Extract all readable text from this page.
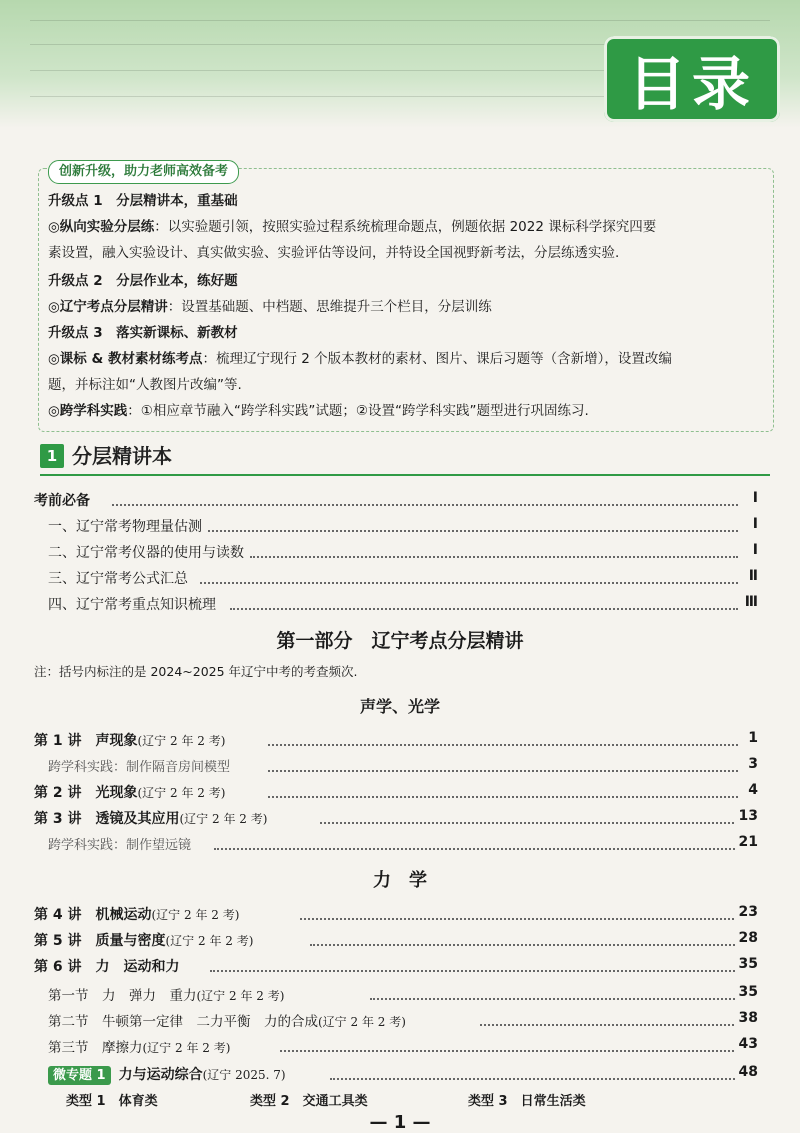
目录
创新升级，助力老师高效备考
升级点 1　分层精讲本，重基础
◎纵向实验分层练：以实验题引领，按照实验过程系统梳理命题点，例题依据 2022 课标科学探究四要
素设置，融入实验设计、真实做实验、实验评估等设问，并特设全国视野新考法，分层练透实验.
升级点 2　分层作业本，练好题
◎辽宁考点分层精讲：设置基础题、中档题、思维提升三个栏目，分层训练
升级点 3　落实新课标、新教材
◎课标 & 教材素材练考点：梳理辽宁现行 2 个版本教材的素材、图片、课后习题等（含新增），设置改编
题，并标注如“人教图片改编”等.
◎跨学科实践：①相应章节融入“跨学科实践”试题；②设置“跨学科实践”题型进行巩固练习.
1 分层精讲本
考前必备	Ⅰ
一、辽宁常考物理量估测	Ⅰ
二、辽宁常考仪器的使用与读数	Ⅰ
三、辽宁常考公式汇总	Ⅱ
四、辽宁常考重点知识梳理	Ⅲ
第一部分　辽宁考点分层精讲
注：括号内标注的是 2024~2025 年辽宁中考的考查频次.
声学、光学
第 1 讲　声现象(辽宁 2 年 2 考)	1
跨学科实践：制作隔音房间模型	3
第 2 讲　光现象(辽宁 2 年 2 考)	4
第 3 讲　透镜及其应用(辽宁 2 年 2 考)	13
跨学科实践：制作望远镜	21
力　学
第 4 讲　机械运动(辽宁 2 年 2 考)	23
第 5 讲　质量与密度(辽宁 2 年 2 考)	28
第 6 讲　力　运动和力	35
第一节　力　弹力　重力(辽宁 2 年 2 考)	35
第二节　牛顿第一定律　二力平衡　力的合成(辽宁 2 年 2 考)	38
第三节　摩擦力(辽宁 2 年 2 考)	43
微专题 1 力与运动综合(辽宁 2025. 7)	48
类型 1　体育类	类型 2　交通工具类	类型 3　日常生活类
— 1 —
